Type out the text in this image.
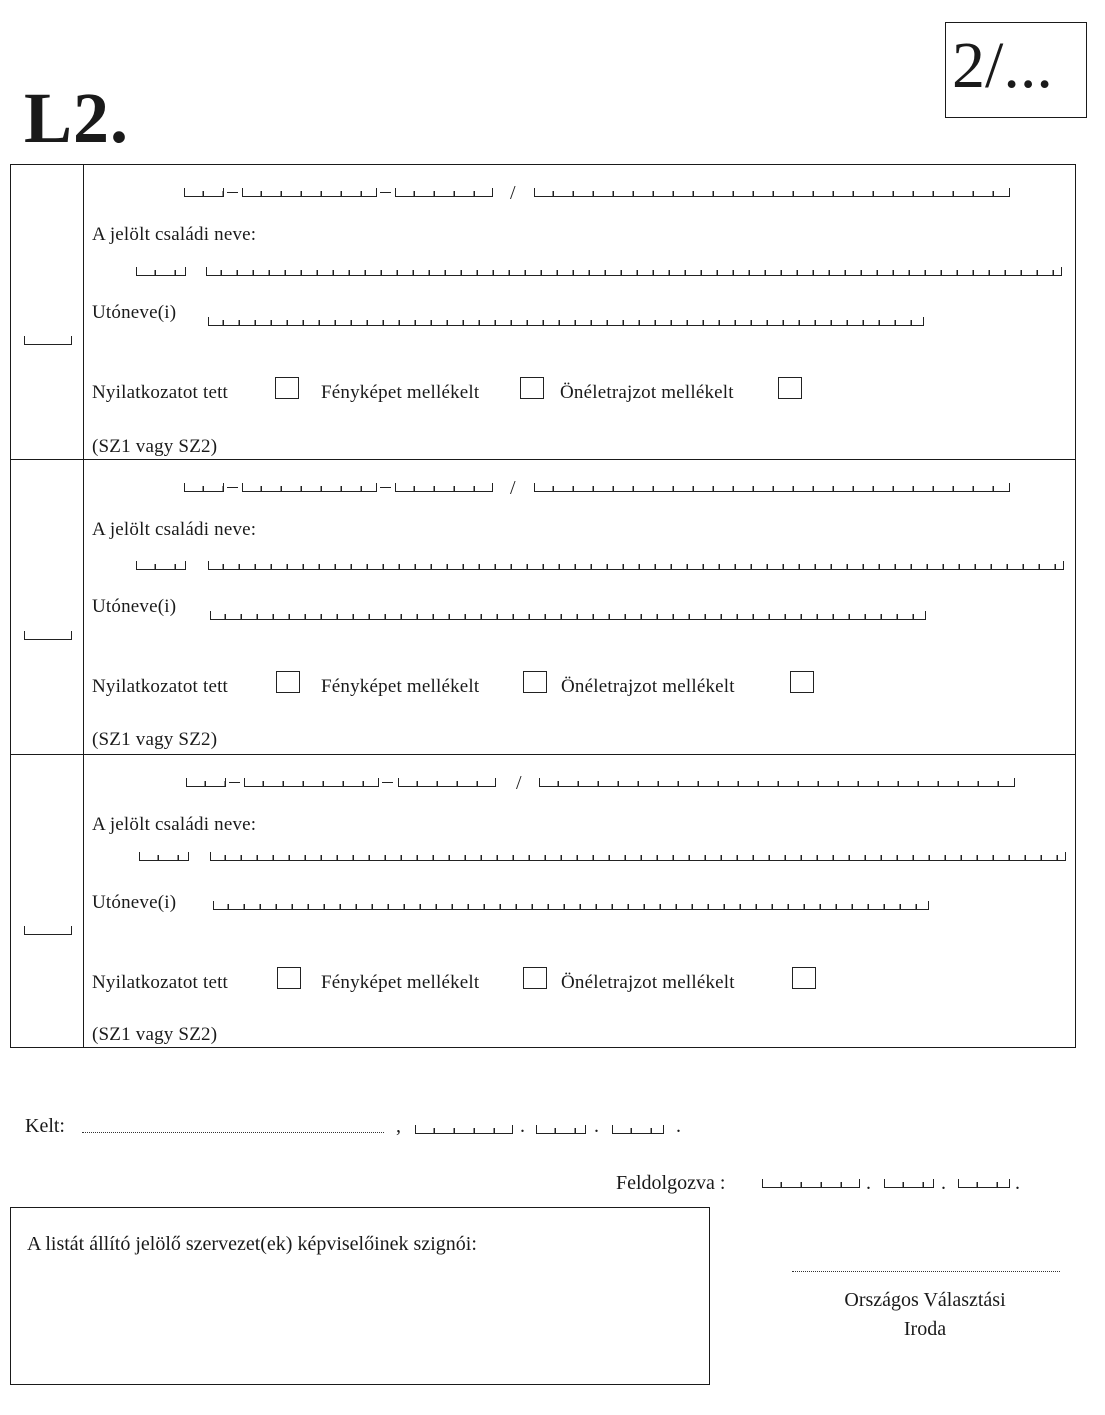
L2.
2/...
/
A jelölt családi neve:
Utóneve(i)
Nyilatkozatot tett	Fényképet mellékelt	Önéletrajzot mellékelt
(SZ1 vagy SZ2)
/
A jelölt családi neve:
Utóneve(i)
Nyilatkozatot tett	Fényképet mellékelt	Önéletrajzot mellékelt
(SZ1 vagy SZ2)
/
A jelölt családi neve:
Utóneve(i)
Nyilatkozatot tett	Fényképet mellékelt	Önéletrajzot mellékelt
(SZ1 vagy SZ2)
Kelt:	,	.	.	.
Feldolgozva :	.	.	.
A listát állító jelölő szervezet(ek) képviselőinek szignói:
Országos Választási
Iroda
